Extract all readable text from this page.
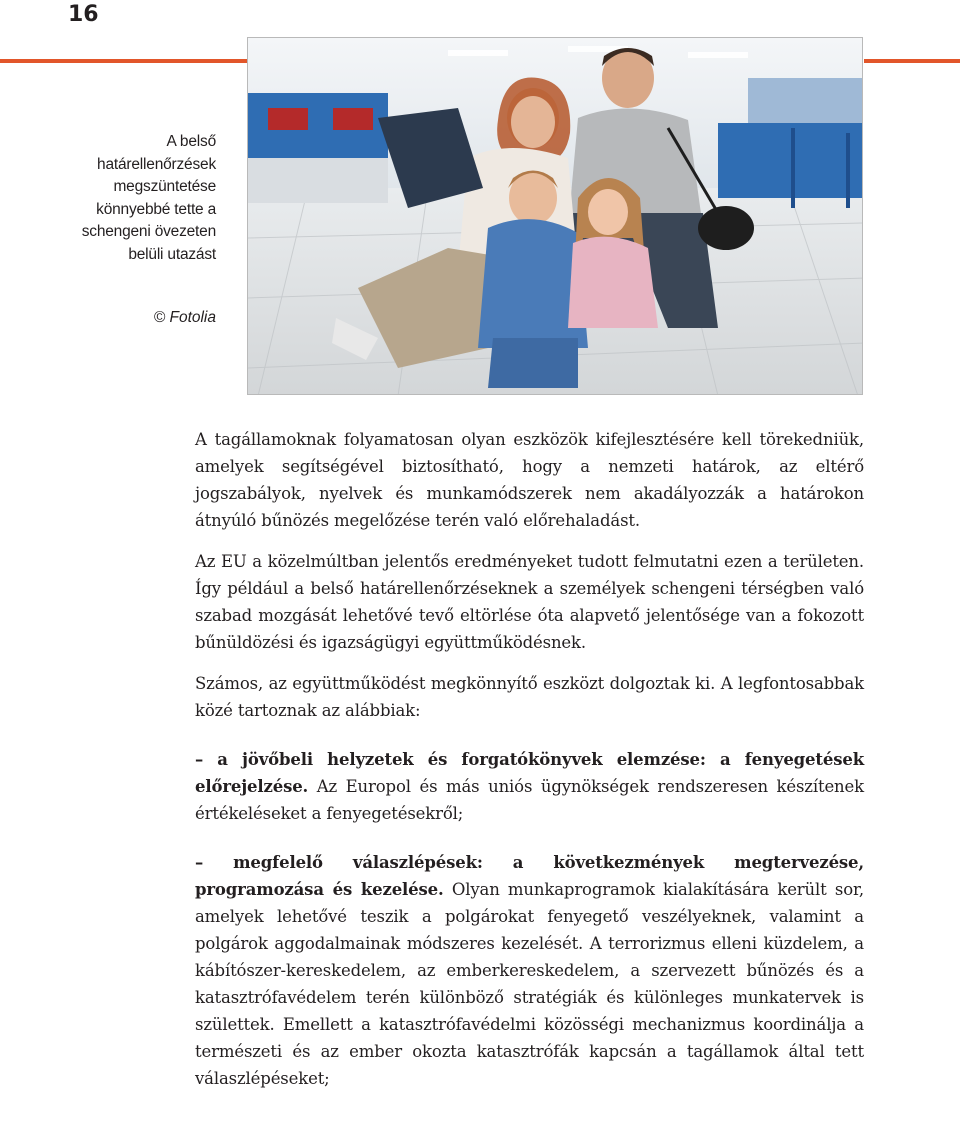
16
A belső határellenőrzések megszüntetése könnyebbé tette a schengeni övezeten belüli utazást
© Fotolia

A tagállamoknak folyamatosan olyan eszközök kifejlesztésére kell törekedniük, amelyek segítségével biztosítható, hogy a nemzeti határok, az eltérő jogszabályok, nyelvek és munkamódszerek nem akadályozzák a határokon átnyúló bűnözés megelőzése terén való előrehaladást.

Az EU a közelmúltban jelentős eredményeket tudott felmutatni ezen a területen. Így például a belső határellenőrzéseknek a személyek schengeni térségben való szabad mozgását lehetővé tevő eltörlése óta alapvető jelentősége van a fokozott bűnüldözési és igazságügyi együttműködésnek.

Számos, az együttműködést megkönnyítő eszközt dolgoztak ki. A legfontosabbak közé tartoznak az alábbiak:

– a jövőbeli helyzetek és forgatókönyvek elemzése: a fenyegetések előrejelzése. Az Europol és más uniós ügynökségek rendszeresen készítenek értékeléseket a fenyegetésekről;

– megfelelő válaszlépések: a következmények megtervezése, programozása és kezelése. Olyan munkaprogramok kialakítására került sor, amelyek lehetővé teszik a polgárokat fenyegető veszélyeknek, valamint a polgárok aggodalmainak módszeres kezelését. A terrorizmus elleni küzdelem, a kábítószer-kereskedelem, az emberkereskedelem, a szervezett bűnözés és a katasztrófavédelem terén különböző stratégiák és különleges munkatervek is születtek. Emellett a katasztrófavédelmi közösségi mechanizmus koordinálja a természeti és az ember okozta katasztrófák kapcsán a tagállamok által tett válaszlépéseket;
